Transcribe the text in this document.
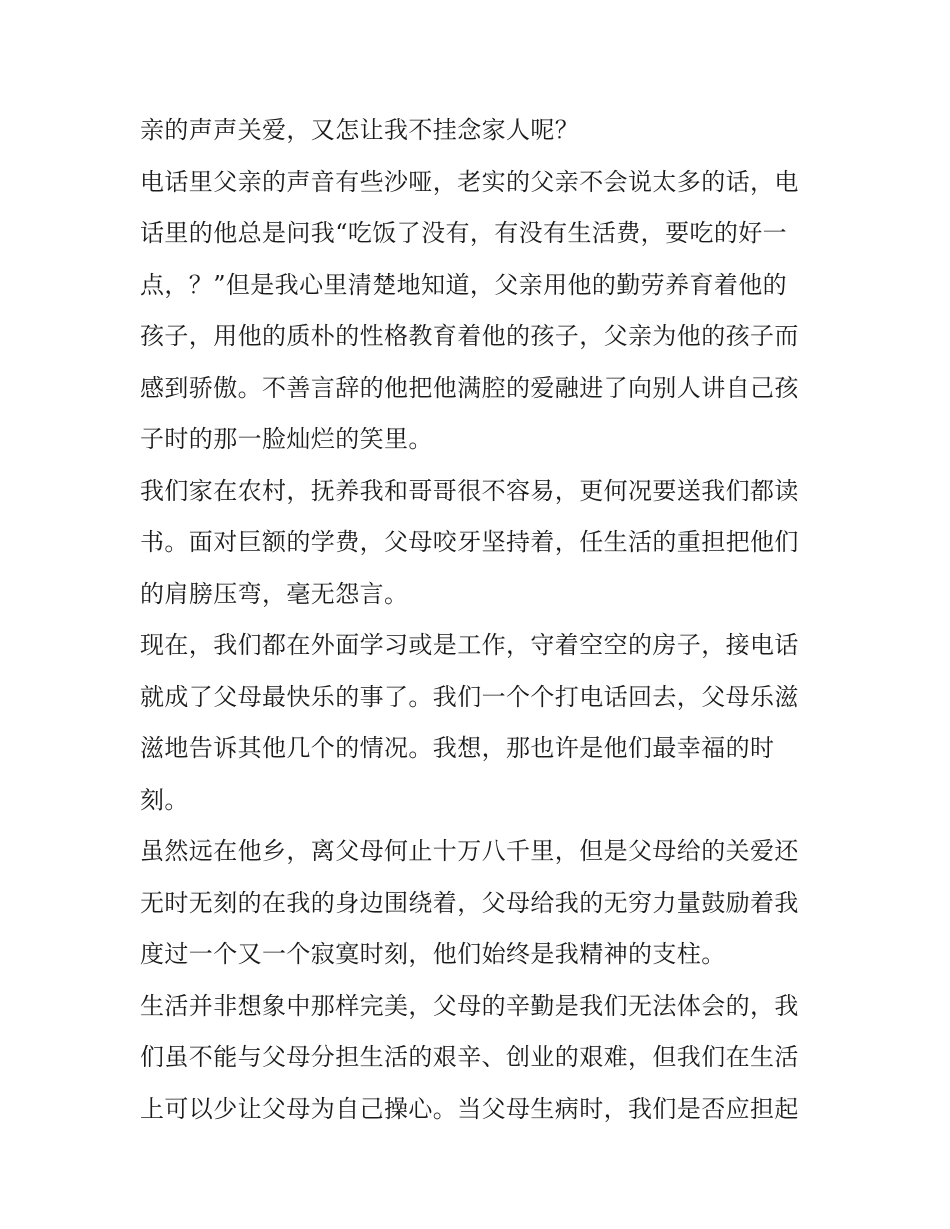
亲的声声关爱，又怎让我不挂念家人呢？
电话里父亲的声音有些沙哑，老实的父亲不会说太多的话，电
话里的他总是问我“吃饭了没有，有没有生活费，要吃的好一
点，？”但是我心里清楚地知道，父亲用他的勤劳养育着他的
孩子，用他的质朴的性格教育着他的孩子，父亲为他的孩子而
感到骄傲。不善言辞的他把他满腔的爱融进了向别人讲自己孩
子时的那一脸灿烂的笑里。
我们家在农村，抚养我和哥哥很不容易，更何况要送我们都读
书。面对巨额的学费，父母咬牙坚持着，任生活的重担把他们
的肩膀压弯，毫无怨言。
现在，我们都在外面学习或是工作，守着空空的房子，接电话
就成了父母最快乐的事了。我们一个个打电话回去，父母乐滋
滋地告诉其他几个的情况。我想，那也许是他们最幸福的时
刻。
虽然远在他乡，离父母何止十万八千里，但是父母给的关爱还
无时无刻的在我的身边围绕着，父母给我的无穷力量鼓励着我
度过一个又一个寂寞时刻，他们始终是我精神的支柱。
生活并非想象中那样完美，父母的辛勤是我们无法体会的，我
们虽不能与父母分担生活的艰辛、创业的艰难，但我们在生活
上可以少让父母为自己操心。当父母生病时，我们是否应担起
